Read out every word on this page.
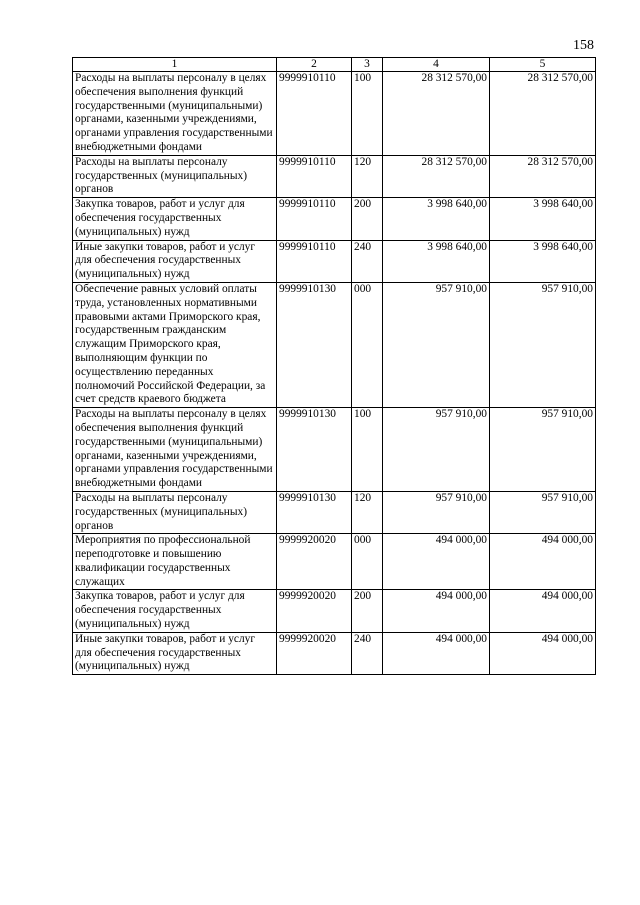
158
1	2	3	4	5
Расходы на выплаты персоналу в целях обеспечения выполнения функций государственными (муниципальными) органами, казенными учреждениями, органами управления государственными внебюджетными фондами	9999910110	100	28 312 570,00	28 312 570,00
Расходы на выплаты персоналу государственных (муниципальных) органов	9999910110	120	28 312 570,00	28 312 570,00
Закупка товаров, работ и услуг для обеспечения государственных (муниципальных) нужд	9999910110	200	3 998 640,00	3 998 640,00
Иные закупки товаров, работ и услуг для обеспечения государственных (муниципальных) нужд	9999910110	240	3 998 640,00	3 998 640,00
Обеспечение равных условий оплаты труда, установленных нормативными правовыми актами Приморского края, государственным гражданским служащим Приморского края, выполняющим функции по осуществлению переданных полномочий Российской Федерации, за счет средств краевого бюджета	9999910130	000	957 910,00	957 910,00
Расходы на выплаты персоналу в целях обеспечения выполнения функций государственными (муниципальными) органами, казенными учреждениями, органами управления государственными внебюджетными фондами	9999910130	100	957 910,00	957 910,00
Расходы на выплаты персоналу государственных (муниципальных) органов	9999910130	120	957 910,00	957 910,00
Мероприятия по профессиональной переподготовке и повышению квалификации государственных служащих	9999920020	000	494 000,00	494 000,00
Закупка товаров, работ и услуг для обеспечения государственных (муниципальных) нужд	9999920020	200	494 000,00	494 000,00
Иные закупки товаров, работ и услуг для обеспечения государственных (муниципальных) нужд	9999920020	240	494 000,00	494 000,00
